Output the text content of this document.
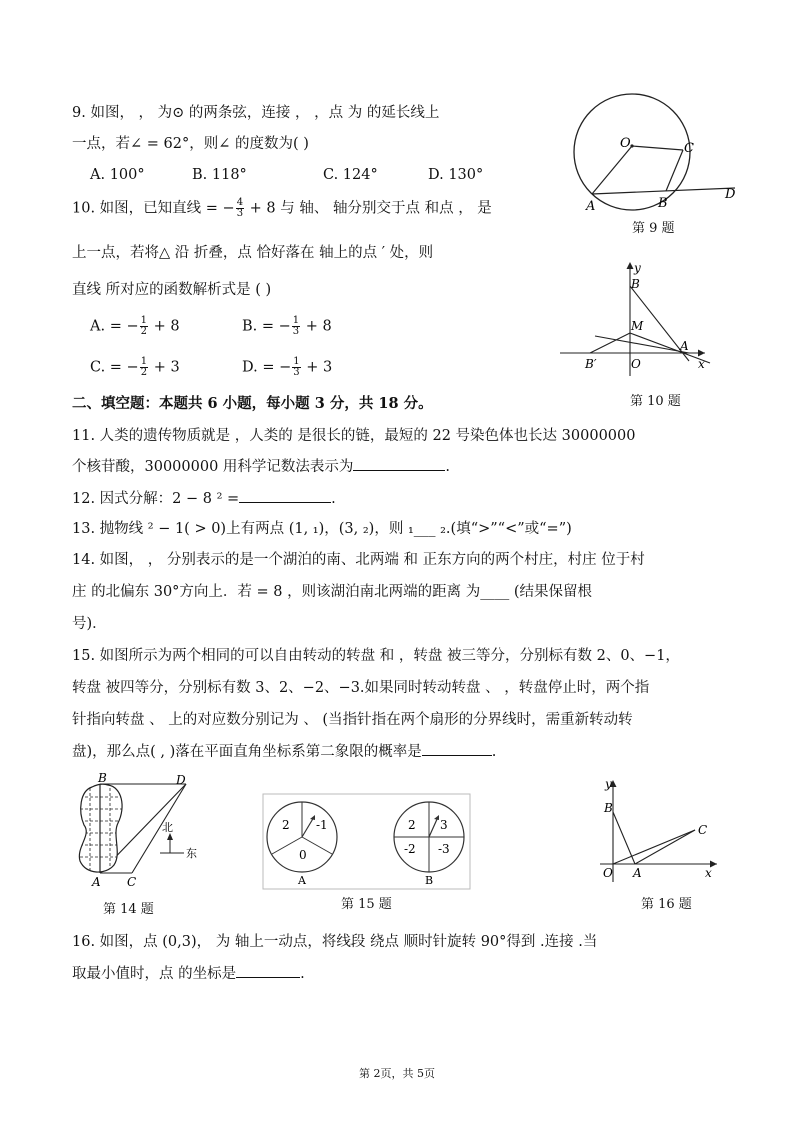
9. 如图， ， 为⊙ 的两条弦，连接 ， ，点 为 的延长线上
一点，若∠ = 62°，则∠ 的度数为( )
A. 100°	B. 118°	C. 124°	D. 130°
O	C
A	B
D
第 9 题
10. 如图，已知直线 = − $\frac{4}{3} + 8$ 与 轴、 轴分别交于点 和点 ， 是
上一点，若将△ 沿 折叠，点 恰好落在 轴上的点 ′ 处，则
直线 所对应的函数解析式是 ( )
A. = − $\frac{1}{2} + 8$	B. = − $\frac{1}{3} + 8$
C. = − $\frac{1}{2} + 3$	D. = − $\frac{1}{3} + 3$
y
B
M
A
B′	O	x
第 10 题
二、填空题：本题共 6 小题，每小题 3 分，共 18 分。
11. 人类的遗传物质就是 ，人类的 是很长的链，最短的 22 号染色体也长达 30000000
个核苷酸，30000000 用科学记数法表示为	.
12. 因式分解：2 − 8 ² =	.
13. 抛物线 ² − 1( > 0)上有两点 (1, ₁)，(3, ₂)，则 ₁___ ₂.(填“>”“<”或“=”)
14. 如图， ， 分别表示的是一个湖泊的南、北两端 和 正东方向的两个村庄，村庄 位于村
庄 的北偏东 30°方向上．若 = 8 ，则该湖泊南北两端的距离 为____ (结果保留根
号)．
15. 如图所示为两个相同的可以自由转动的转盘 和 ，转盘 被三等分，分别标有数 2、0、−1，
转盘 被四等分，分别标有数 3、2、−2、−3.如果同时转动转盘 、 ，转盘停止时，两个指
针指向转盘 、 上的对应数分别记为 、 (当指针指在两个扇形的分界线时，需重新转动转
盘)，那么点( , )落在平面直角坐标系第二象限的概率是	.
B	D
A C
北
东
第 14 题
2 -1
0
A
2 3
-2 -3
B
第 15 题
y
B
C
O A	x
第 16 题
16. 如图，点 (0,3)， 为 轴上一动点，将线段 绕点 顺时针旋转 90°得到 .连接 .当
取最小值时，点 的坐标是	.
第 2页，共 5页
